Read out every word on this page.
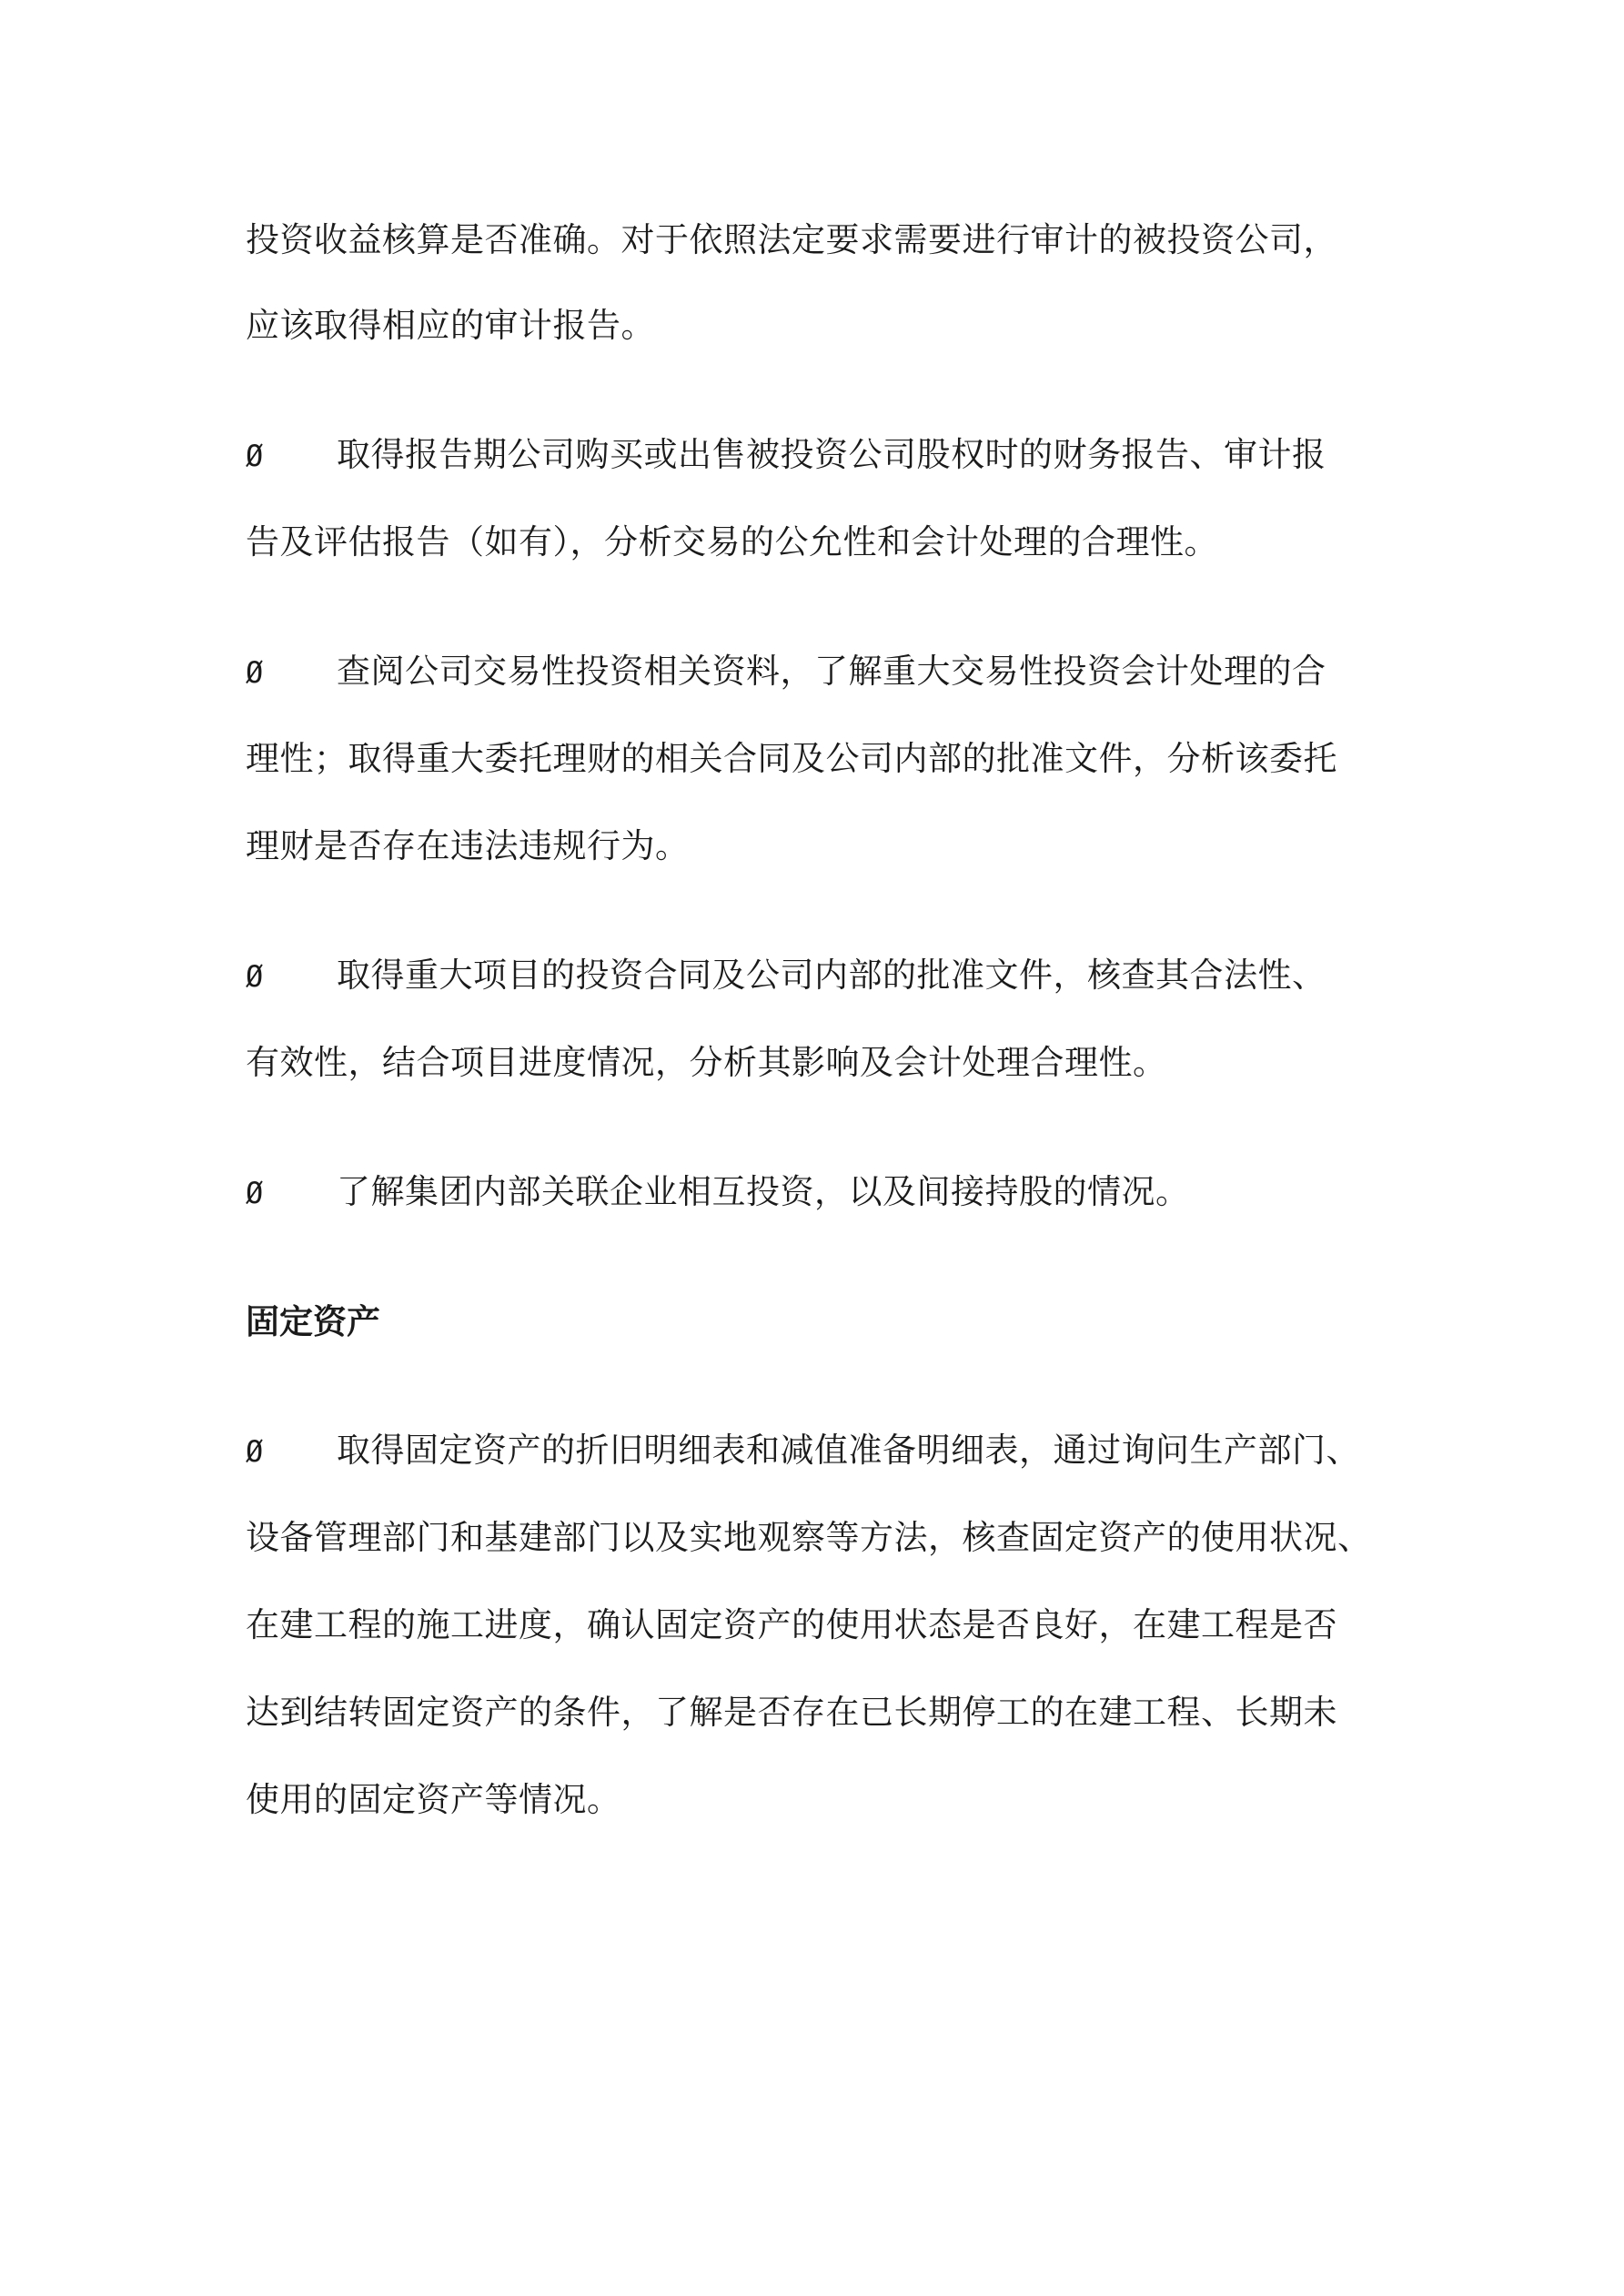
投资收益核算是否准确。对于依照法定要求需要进行审计的被投资公司，
应该取得相应的审计报告。
Ø 取得报告期公司购买或出售被投资公司股权时的财务报告、审计报
告及评估报告（如有），分析交易的公允性和会计处理的合理性。
Ø 查阅公司交易性投资相关资料，了解重大交易性投资会计处理的合
理性；取得重大委托理财的相关合同及公司内部的批准文件，分析该委托
理财是否存在违法违规行为。
Ø 取得重大项目的投资合同及公司内部的批准文件，核查其合法性、
有效性，结合项目进度情况，分析其影响及会计处理合理性。
Ø 了解集团内部关联企业相互投资，以及间接持股的情况。
固定资产
Ø 取得固定资产的折旧明细表和减值准备明细表，通过询问生产部门、
设备管理部门和基建部门以及实地观察等方法，核查固定资产的使用状况、
在建工程的施工进度，确认固定资产的使用状态是否良好，在建工程是否
达到结转固定资产的条件，了解是否存在已长期停工的在建工程、长期未
使用的固定资产等情况。
